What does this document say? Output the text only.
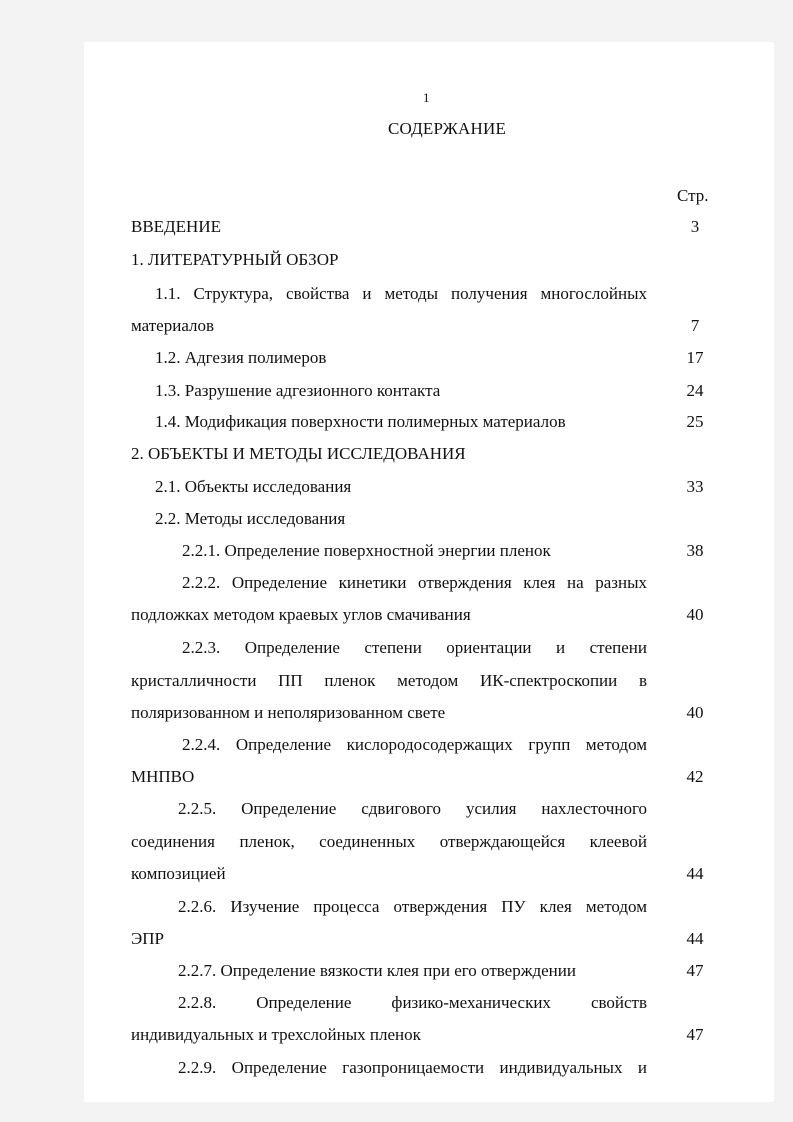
1
СОДЕРЖАНИЕ
Стр.
ВВЕДЕНИЕ	3
1. ЛИТЕРАТУРНЫЙ ОБЗОР
1.1. Структура, свойства и методы получения многослойных
материалов	7
1.2. Адгезия полимеров	17
1.3. Разрушение адгезионного контакта	24
1.4. Модификация поверхности полимерных материалов	25
2. ОБЪЕКТЫ И МЕТОДЫ ИССЛЕДОВАНИЯ
2.1. Объекты исследования	33
2.2. Методы исследования
2.2.1. Определение поверхностной энергии пленок	38
2.2.2. Определение кинетики отверждения клея на разных
подложках методом краевых углов смачивания	40
2.2.3. Определение степени ориентации и степени
кристалличности ПП пленок методом ИК-спектроскопии в
поляризованном и неполяризованном свете	40
2.2.4. Определение кислородосодержащих групп методом
МНПВО	42
2.2.5. Определение сдвигового усилия нахлесточного
соединения пленок, соединенных отверждающейся клеевой
композицией	44
2.2.6. Изучение процесса отверждения ПУ клея методом
ЭПР	44
2.2.7. Определение вязкости клея при его отверждении	47
2.2.8. Определение физико-механических свойств
индивидуальных и трехслойных пленок	47
2.2.9. Определение газопроницаемости индивидуальных и
